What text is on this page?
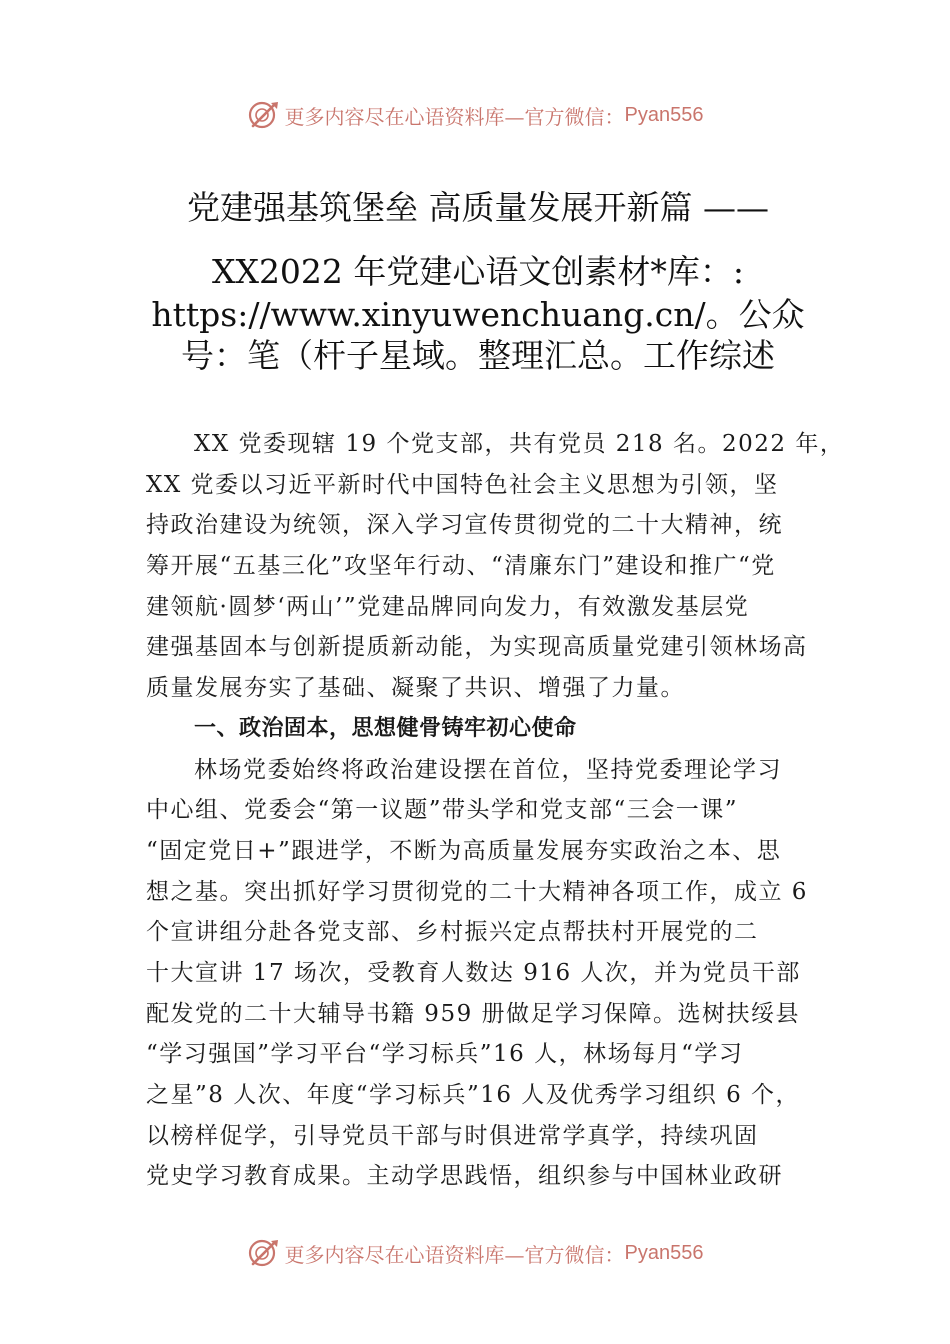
更多内容尽在心语资料库—官方微信： Pyan556
党建强基筑堡垒 高质量发展开新篇 ——
XX2022 年党建心语文创素材*库：:
https://www.xinyuwenchuang.cn/。公众
号：笔（杆子星域。整理汇总。工作综述
XX 党委现辖 19 个党支部，共有党员 218 名。2022 年，
XX 党委以习近平新时代中国特色社会主义思想为引领，坚
持政治建设为统领，深入学习宣传贯彻党的二十大精神，统
筹开展“五基三化”攻坚年行动、“清廉东门”建设和推广“党
建领航·圆梦‘两山’”党建品牌同向发力，有效激发基层党
建强基固本与创新提质新动能，为实现高质量党建引领林场高
质量发展夯实了基础、凝聚了共识、增强了力量。
一、政治固本，思想健骨铸牢初心使命
林场党委始终将政治建设摆在首位，坚持党委理论学习
中心组、党委会“第一议题”带头学和党支部“三会一课”
“固定党日+”跟进学，不断为高质量发展夯实政治之本、思
想之基。突出抓好学习贯彻党的二十大精神各项工作，成立 6
个宣讲组分赴各党支部、乡村振兴定点帮扶村开展党的二
十大宣讲 17 场次，受教育人数达 916 人次，并为党员干部
配发党的二十大辅导书籍 959 册做足学习保障。选树扶绥县
“学习强国”学习平台“学习标兵”16 人，林场每月“学习
之星”8 人次、年度“学习标兵”16 人及优秀学习组织 6 个，
以榜样促学，引导党员干部与时俱进常学真学，持续巩固
党史学习教育成果。主动学思践悟，组织参与中国林业政研
更多内容尽在心语资料库—官方微信： Pyan556
